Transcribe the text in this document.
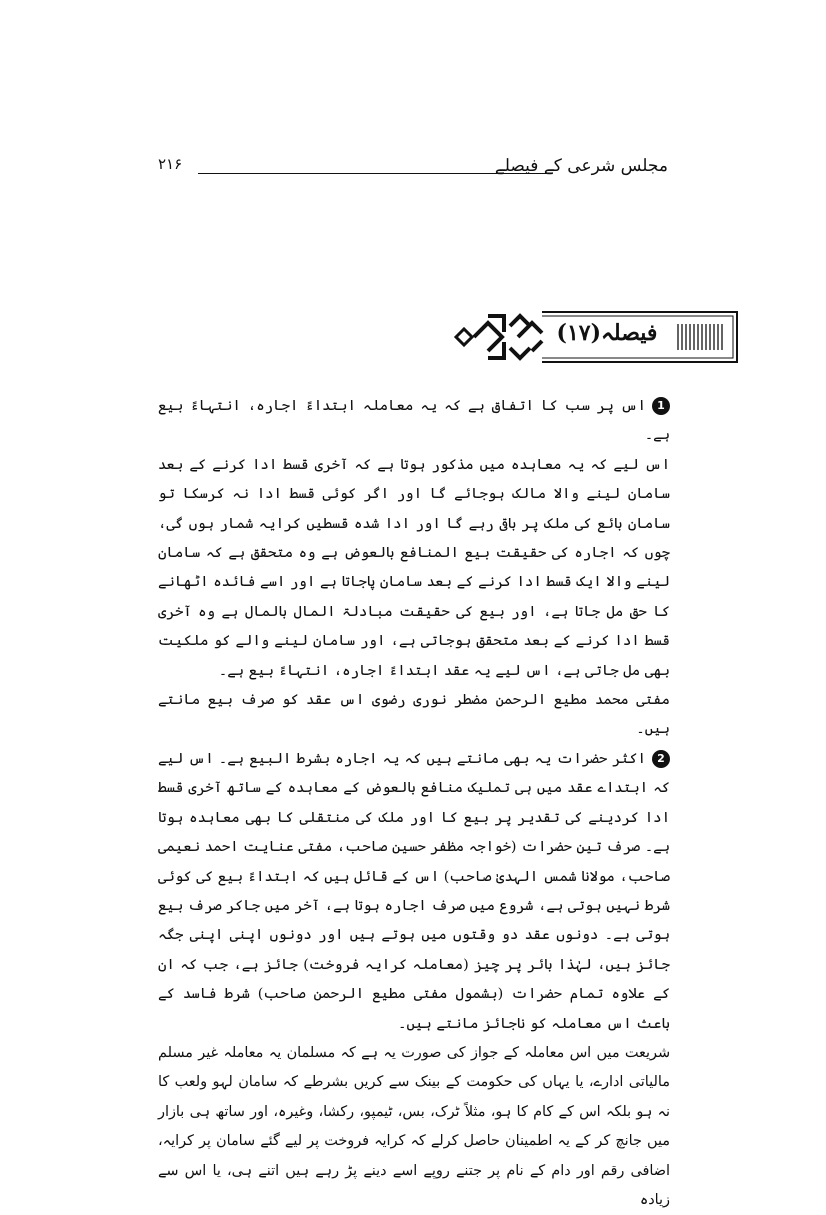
مجلس شرعی کے فیصلے
۲۱۶
فیصلہ(۱۷)

1اس پر سب کا اتفاق ہے کہ یہ معاملہ ابتداءً اجارہ، انتہاءً بیع ہے۔

اس لیے کہ یہ معاہدہ میں مذکور ہوتا ہے کہ آخری قسط ادا کرنے کے بعد سامان لینے والا مالک ہوجائے گا اور اگر کوئی قسط ادا نہ کرسکا تو سامان بائع کی ملک پر باقی رہے گا اور ادا شدہ قسطیں کرایہ شمار ہوں گی، چوں کہ اجارہ کی حقیقت بیع المنافع بالعوض ہے وہ متحقق ہے کہ سامان لینے والا ایک قسط ادا کرنے کے بعد سامان پاجاتا ہے اور اسے فائدہ اٹھانے کا حق مل جاتا ہے، اور بیع کی حقیقت مبادلۃ المال بالمال ہے وہ آخری قسط ادا کرنے کے بعد متحقق ہوجاتی ہے، اور سامان لینے والے کو ملکیت بھی مل جاتی ہے، اس لیے یہ عقد ابتداءً اجارہ، انتہاءً بیع ہے۔

مفتی محمد مطیع الرحمن مضطر نوری رضوی اس عقد کو صرف بیع مانتے ہیں۔

2اکثر حضرات یہ بھی مانتے ہیں کہ یہ اجارہ بشرط البیع ہے۔ اس لیے کہ ابتداے عقد میں ہی تملیک منافع بالعوض کے معاہدہ کے ساتھ آخری قسط ادا کردینے کی تقدیر پر بیع کا اور ملک کی منتقلی کا بھی معاہدہ ہوتا ہے۔ صرف تین حضرات (خواجہ مظفر حسین صاحب، مفتی عنایت احمد نعیمی صاحب، مولانا شمس الہدیٰ صاحب) اس کے قائل ہیں کہ ابتداءً بیع کی کوئی شرط نہیں ہوتی ہے، شروع میں صرف اجارہ ہوتا ہے، آخر میں جاکر صرف بیع ہوتی ہے۔ دونوں عقد دو وقتوں میں ہوتے ہیں اور دونوں اپنی اپنی جگہ جائز ہیں، لہٰذا بائر پر چیز (معاملہ کرایہ فروخت) جائز ہے، جب کہ ان کے علاوہ تمام حضرات (بشمول مفتی مطیع الرحمن صاحب) شرط فاسد کے باعث اس معاملہ کو ناجائز مانتے ہیں۔

شریعت میں اس معاملہ کے جواز کی صورت یہ ہے کہ مسلمان یہ معاملہ غیر مسلم مالیاتی ادارے، یا یہاں کی حکومت کے بینک سے کریں بشرطے کہ سامان لہو ولعب کا نہ ہو بلکہ اس کے کام کا ہو، مثلاً ٹرک، بس، ٹیمپو، رکشا، وغیرہ، اور ساتھ ہی بازار میں جانچ کر کے یہ اطمینان حاصل کرلے کہ کرایہ فروخت پر لیے گئے سامان پر کرایہ، اضافی رقم اور دام کے نام پر جتنے روپے اسے دینے پڑ رہے ہیں اتنے ہی، یا اس سے زیادہ
